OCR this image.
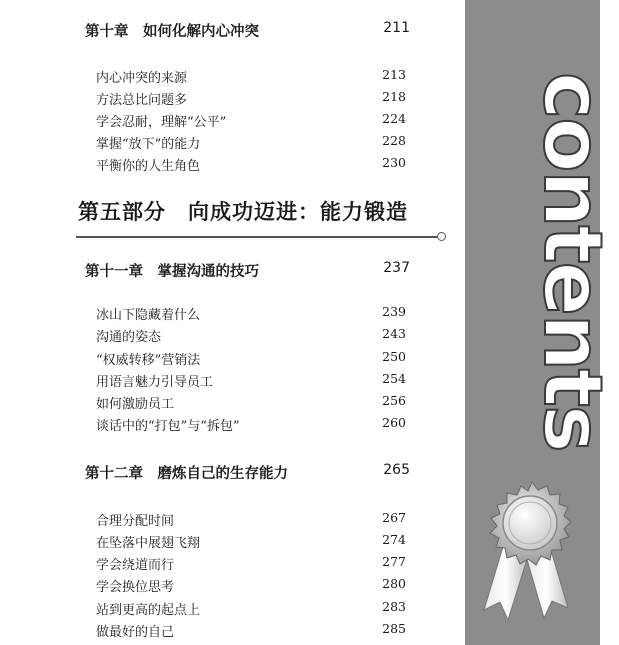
contents
第十章　如何化解内心冲突	211
内心冲突的来源	213
方法总比问题多	218
学会忍耐，理解“公平”	224
掌握“放下”的能力	228
平衡你的人生角色	230
第五部分　向成功迈进：能力锻造
第十一章　掌握沟通的技巧	237
冰山下隐藏着什么	239
沟通的姿态	243
“权威转移”营销法	250
用语言魅力引导员工	254
如何激励员工	256
谈话中的“打包”与“拆包”	260
第十二章　磨炼自己的生存能力	265
合理分配时间	267
在坠落中展翅飞翔	274
学会绕道而行	277
学会换位思考	280
站到更高的起点上	283
做最好的自己	285
